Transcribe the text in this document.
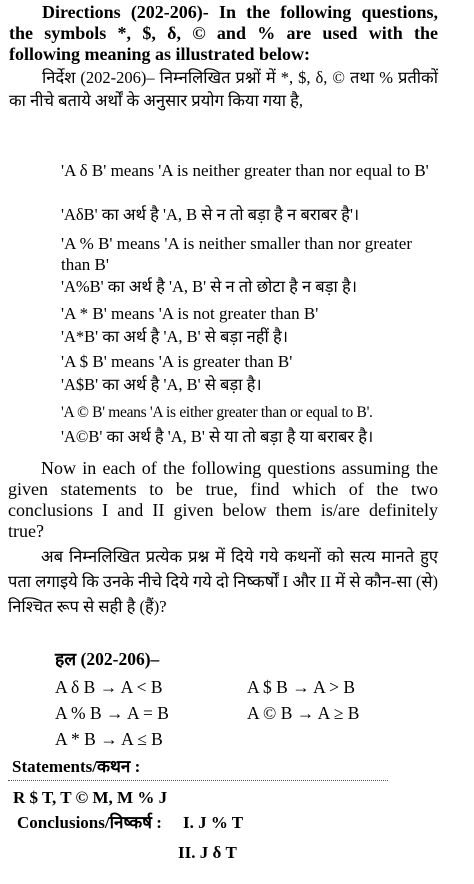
Directions (202-206)- In the following questions, the symbols *, $, δ, © and % are used with the following meaning as illustrated below:

निर्देश (202-206)– निम्नलिखित प्रश्नों में *, $, δ, © तथा % प्रतीकों का नीचे बताये अर्थों के अनुसार प्रयोग किया गया है,

'A δ B' means 'A is neither greater than nor equal to B'

'AδB' का अर्थ है 'A, B से न तो बड़ा है न बराबर है'।

'A % B' means 'A is neither smaller than nor greater than B'

'A%B' का अर्थ है 'A, B' से न तो छोटा है न बड़ा है।

'A * B' means 'A is not greater than B'

'A*B' का अर्थ है 'A, B' से बड़ा नहीं है।

'A $ B' means 'A is greater than B'

'A$B' का अर्थ है 'A, B' से बड़ा है।

'A © B' means 'A is either greater than or equal to B'.

'A©B' का अर्थ है 'A, B' से या तो बड़ा है या बराबर है।

Now in each of the following questions assuming the given statements to be true, find which of the two conclusions I and II given below them is/are definitely true?

अब निम्नलिखित प्रत्येक प्रश्न में दिये गये कथनों को सत्य मानते हुए पता लगाइये कि उनके नीचे दिये गये दो निष्कर्षों I और II में से कौन-सा (से) निश्चित रूप से सही है (हैं)?

हल (202-206)–

A δ B → A < B	A $ B → A > B

A % B → A = B	A © B → A ≥ B

A * B → A ≤ B

Statements/कथन :

R $ T, T © M, M % J

Conclusions/निष्कर्ष : I. J % T

II. J δ T
